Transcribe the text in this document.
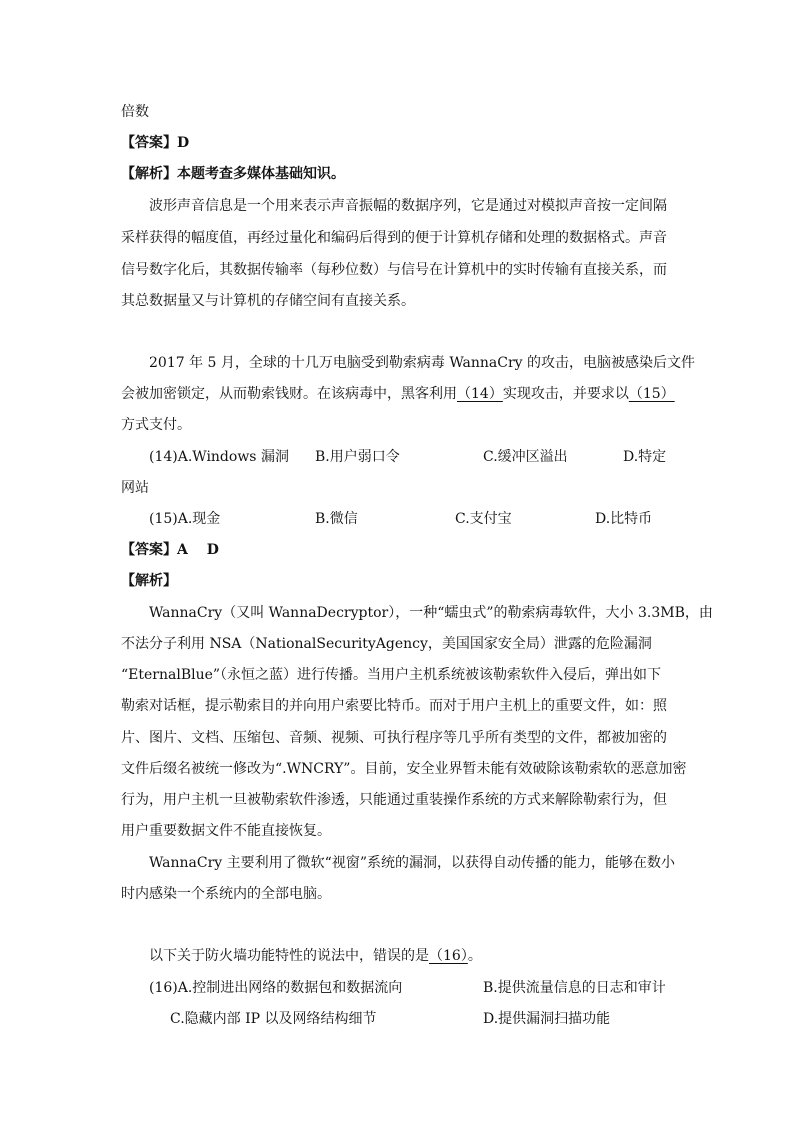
倍数
【答案】D
【解析】本题考查多媒体基础知识。
波形声音信息是一个用来表示声音振幅的数据序列，它是通过对模拟声音按一定间隔
采样获得的幅度值，再经过量化和编码后得到的便于计算机存储和处理的数据格式。声音
信号数字化后，其数据传输率（每秒位数）与信号在计算机中的实时传输有直接关系，而
其总数据量又与计算机的存储空间有直接关系。
2017 年 5 月，全球的十几万电脑受到勒索病毒 WannaCry 的攻击，电脑被感染后文件
会被加密锁定，从而勒索钱财。在该病毒中，黑客利用（14）实现攻击，并要求以（15）
方式支付。
(14)A.Windows 漏洞 B.用户弱口令	C.缓冲区溢出	D.特定
网站
(15)A.现金	B.微信	C.支付宝	D.比特币
【答案】A　 D
【解析】
WannaCry（又叫 WannaDecryptor），一种“蠕虫式”的勒索病毒软件，大小 3.3MB，由
不法分子利用 NSA（NationalSecurityAgency，美国国家安全局）泄露的危险漏洞
“EternalBlue”（永恒之蓝）进行传播。当用户主机系统被该勒索软件入侵后，弹出如下
勒索对话框，提示勒索目的并向用户索要比特币。而对于用户主机上的重要文件，如：照
片、图片、文档、压缩包、音频、视频、可执行程序等几乎所有类型的文件，都被加密的
文件后缀名被统一修改为“.WNCRY”。目前，安全业界暂未能有效破除该勒索软的恶意加密
行为，用户主机一旦被勒索软件渗透，只能通过重装操作系统的方式来解除勒索行为，但
用户重要数据文件不能直接恢复。
WannaCry 主要利用了微软“视窗”系统的漏洞，以获得自动传播的能力，能够在数小
时内感染一个系统内的全部电脑。
以下关于防火墙功能特性的说法中，错误的是（16）。
(16)A.控制进出网络的数据包和数据流向	B.提供流量信息的日志和审计
C.隐藏内部 IP 以及网络结构细节	D.提供漏洞扫描功能
